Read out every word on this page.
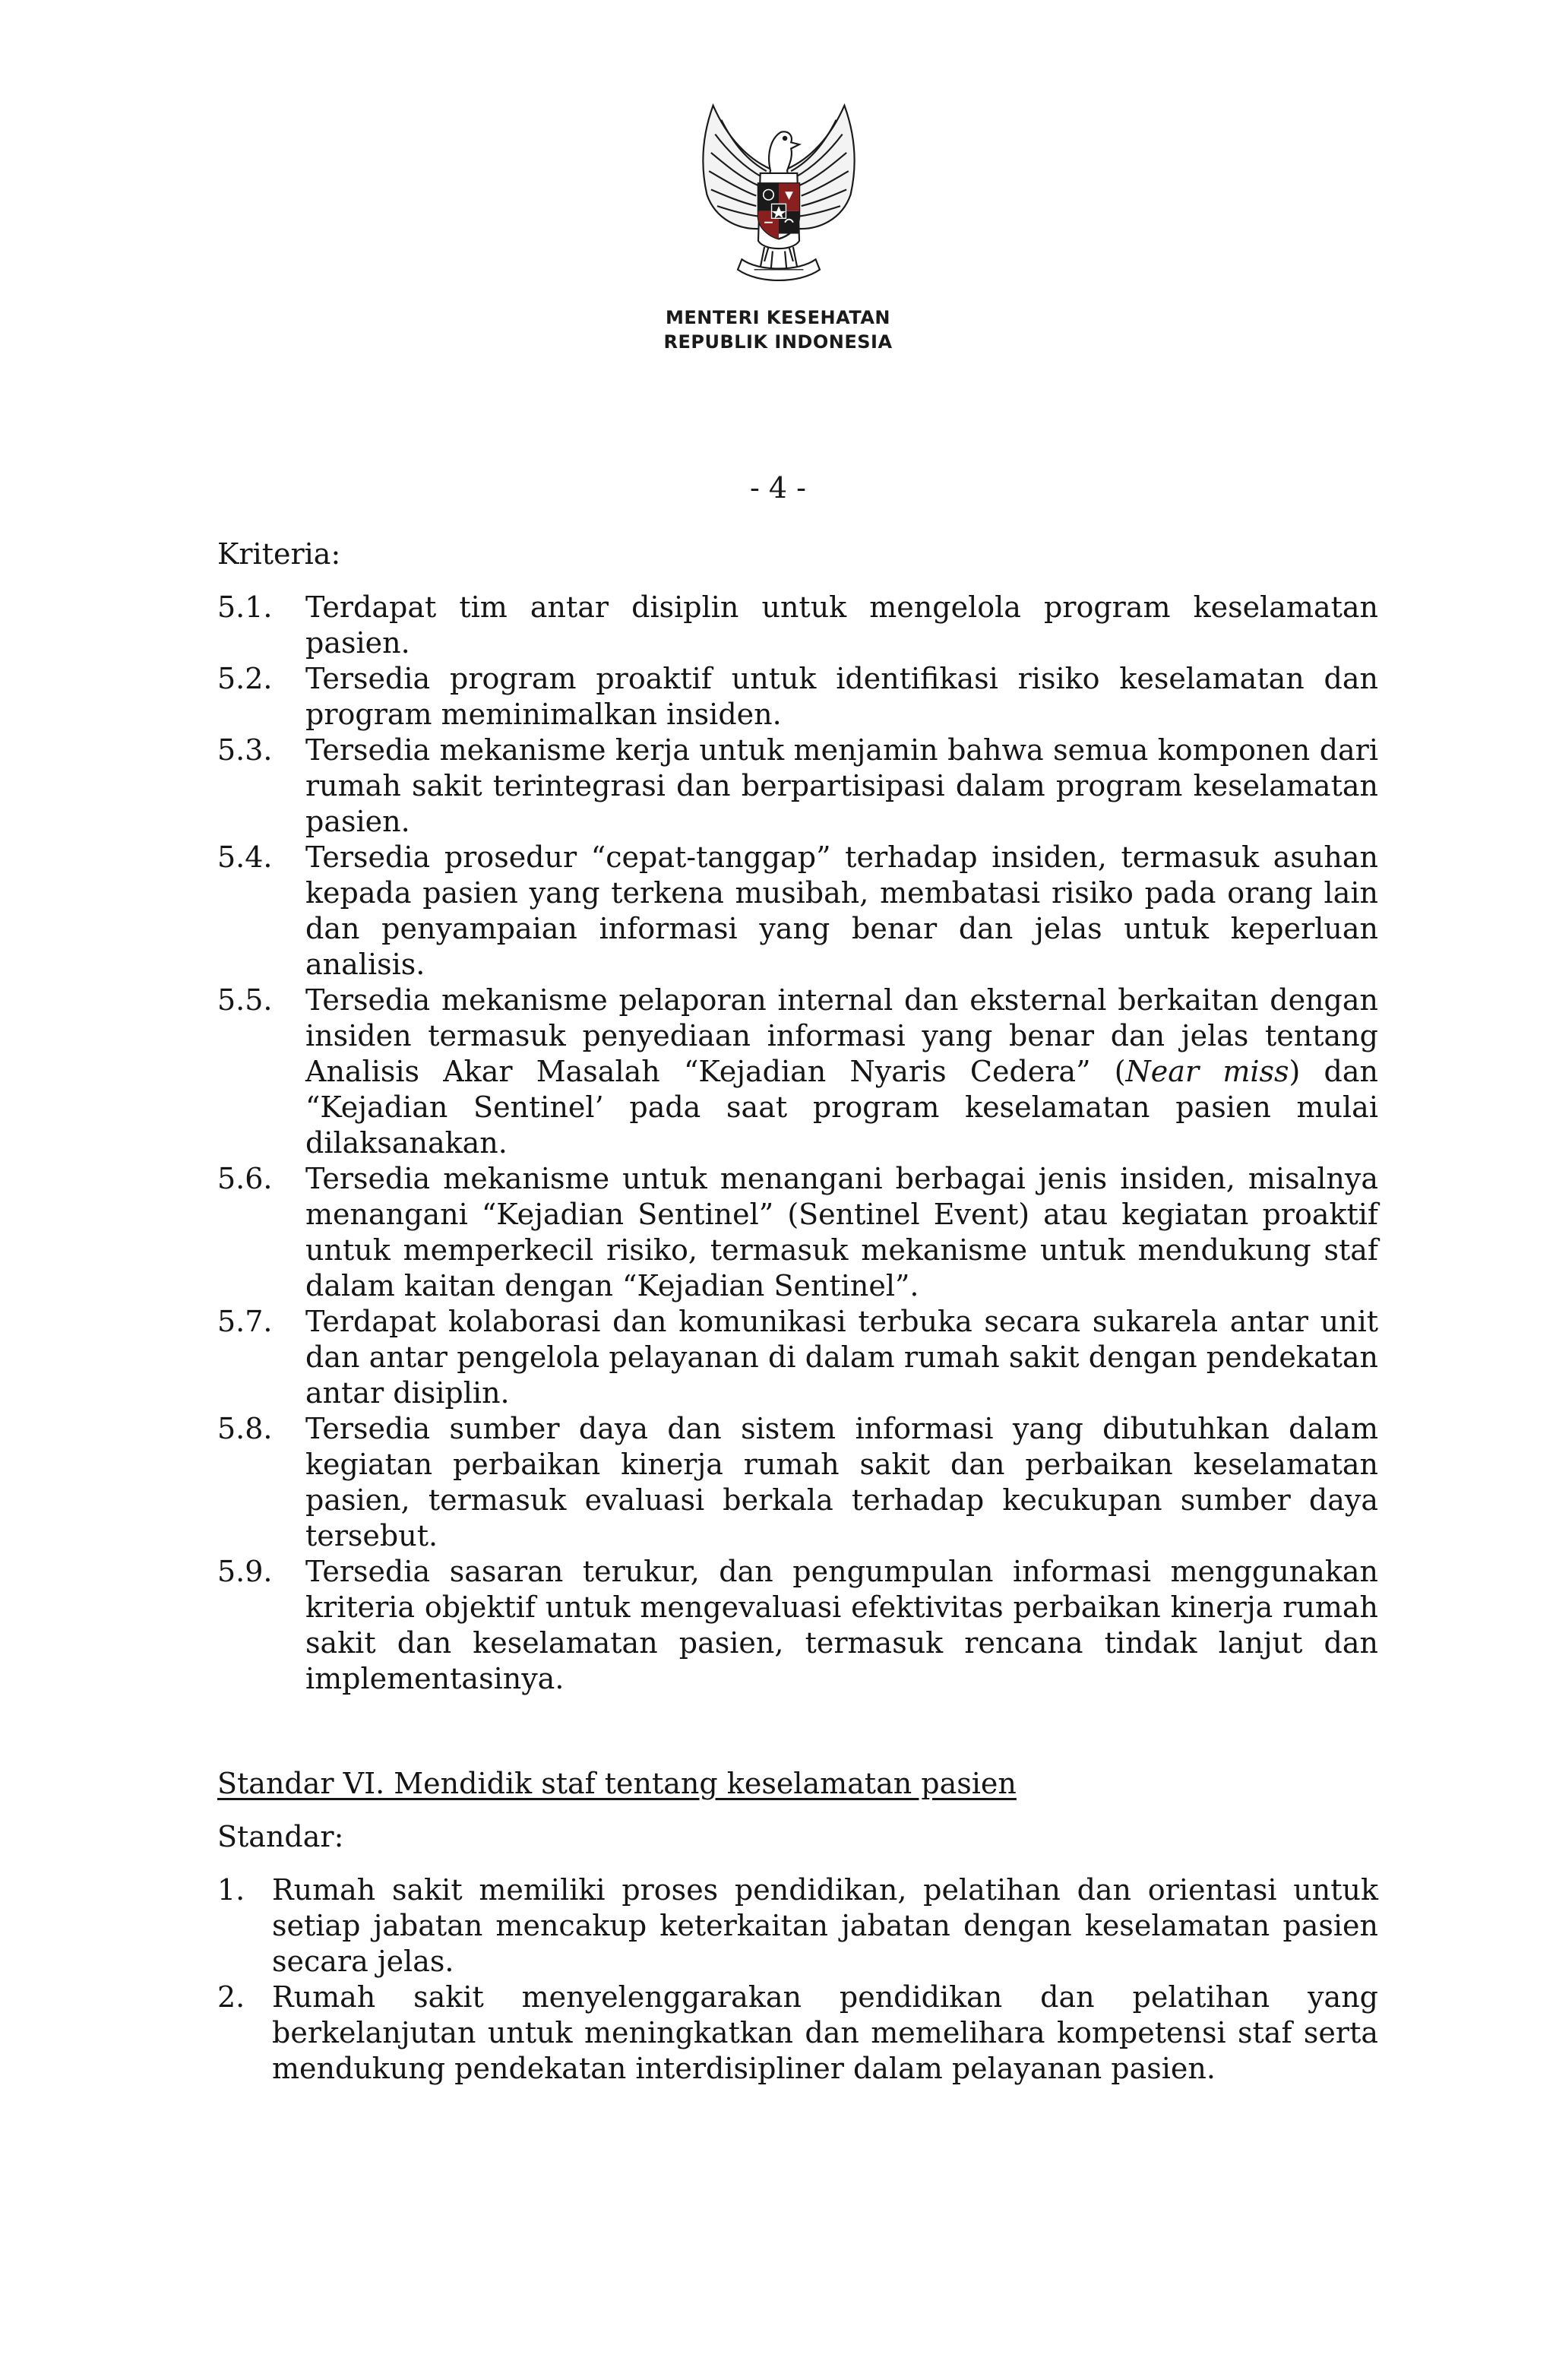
MENTERI KESEHATAN
REPUBLIK INDONESIA
- 4 -
Kriteria:

5.1. Terdapat tim antar disiplin untuk mengelola program keselamatan pasien.

5.2. Tersedia program proaktif untuk identifikasi risiko keselamatan dan program meminimalkan insiden.

5.3. Tersedia mekanisme kerja untuk menjamin bahwa semua komponen dari rumah sakit terintegrasi dan berpartisipasi dalam program keselamatan pasien.

5.4. Tersedia prosedur “cepat-tanggap” terhadap insiden, termasuk asuhan kepada pasien yang terkena musibah, membatasi risiko pada orang lain dan penyampaian informasi yang benar dan jelas untuk keperluan analisis.

5.5. Tersedia mekanisme pelaporan internal dan eksternal berkaitan dengan insiden termasuk penyediaan informasi yang benar dan jelas tentang Analisis Akar Masalah “Kejadian Nyaris Cedera” (Near miss) dan “Kejadian Sentinel’ pada saat program keselamatan pasien mulai dilaksanakan.

5.6. Tersedia mekanisme untuk menangani berbagai jenis insiden, misalnya menangani “Kejadian Sentinel” (Sentinel Event) atau kegiatan proaktif untuk memperkecil risiko, termasuk mekanisme untuk mendukung staf dalam kaitan dengan “Kejadian Sentinel”.

5.7. Terdapat kolaborasi dan komunikasi terbuka secara sukarela antar unit dan antar pengelola pelayanan di dalam rumah sakit dengan pendekatan antar disiplin.

5.8. Tersedia sumber daya dan sistem informasi yang dibutuhkan dalam kegiatan perbaikan kinerja rumah sakit dan perbaikan keselamatan pasien, termasuk evaluasi berkala terhadap kecukupan sumber daya tersebut.

5.9. Tersedia sasaran terukur, dan pengumpulan informasi menggunakan kriteria objektif untuk mengevaluasi efektivitas perbaikan kinerja rumah sakit dan keselamatan pasien, termasuk rencana tindak lanjut dan implementasinya.

Standar VI. Mendidik staf tentang keselamatan pasien
Standar:

1. Rumah sakit memiliki proses pendidikan, pelatihan dan orientasi untuk setiap jabatan mencakup keterkaitan jabatan dengan keselamatan pasien secara jelas.

2. Rumah sakit menyelenggarakan pendidikan dan pelatihan yang berkelanjutan untuk meningkatkan dan memelihara kompetensi staf serta mendukung pendekatan interdisipliner dalam pelayanan pasien.
